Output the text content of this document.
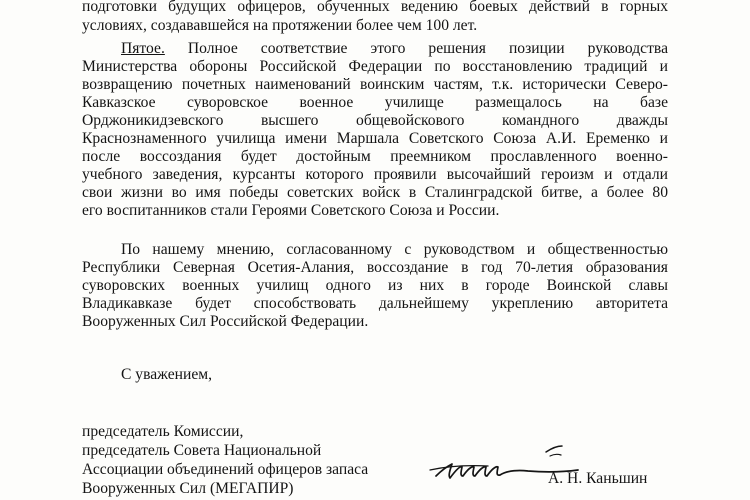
подготовки будущих офицеров, обученных ведению боевых действий в горных
условиях, создававшейся на протяжении более чем 100 лет.
Пятое. Полное соответствие этого решения позиции руководства
Министерства обороны Российской Федерации по восстановлению традиций и
возвращению почетных наименований воинским частям, т.к. исторически Северо-
Кавказское суворовское военное училище размещалось на базе
Орджоникидзевского высшего общевойскового командного дважды
Краснознаменного училища имени Маршала Советского Союза А.И. Еременко и
после воссоздания будет достойным преемником прославленного военно-
учебного заведения, курсанты которого проявили высочайший героизм и отдали
свои жизни во имя победы советских войск в Сталинградской битве, а более 80
его воспитанников стали Героями Советского Союза и России.
По нашему мнению, согласованному с руководством и общественностью
Республики Северная Осетия-Алания, воссоздание в год 70-летия образования
суворовских военных училищ одного из них в городе Воинской славы
Владикавказе будет способствовать дальнейшему укреплению авторитета
Вооруженных Сил Российской Федерации.
С уважением,
председатель Комиссии,
председатель Совета Национальной
Ассоциации объединений офицеров запаса
Вооруженных Сил (МЕГАПИР)
А. Н. Каньшин
